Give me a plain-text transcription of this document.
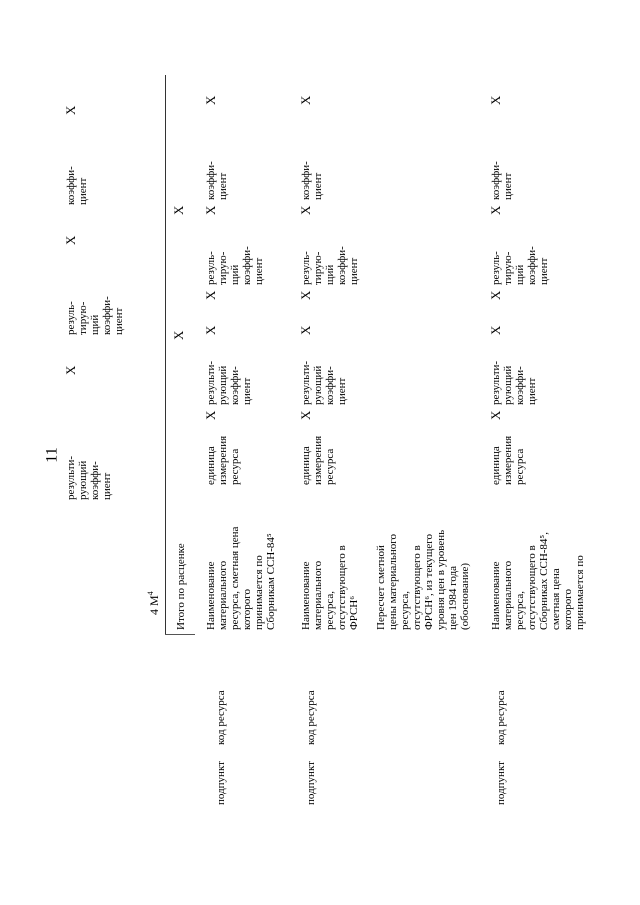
11
4 $М^4$	Итого по расценке
X
X
результи-
рующий
коэффи-
циент
X
резуль-
тирую-
щий
коэффи-
циент
X
коэффи-
циент
X
подпункт
код ресурса
Наименование
материального
ресурса, сметная цена
которого
принимается по
Сборникам ССН-84⁵
единица
измерения
ресурса
X
результи-
рующий
коэффи-
циент
X
X
резуль-
тирую-
щий
коэффи-
циент
X
коэффи-
циент
X
подпункт
код ресурса
Наименование
материального
ресурса,
отсутствующего в
ФРСН⁶ Пересчет сметной
цены материального
ресурса,
отсутствующего в
ФРСН⁶, из текущего
уровня цен в уровень
цен 1984 года
(обоснование)
единица
измерения
ресурса
X
результи-
рующий
коэффи-
циент
X
X
резуль-
тирую-
щий
коэффи-
циент
X
коэффи-
циент
X
подпункт
код ресурса
Наименование
материального
ресурса,
отсутствующего в
Сборниках ССН-84⁵,
сметная цена
которого
принимается по
единица
измерения
ресурса
X
результи-
рующий
коэффи-
циент
X
X
резуль-
тирую-
щий
коэффи-
циент
X
коэффи-
циент
X
